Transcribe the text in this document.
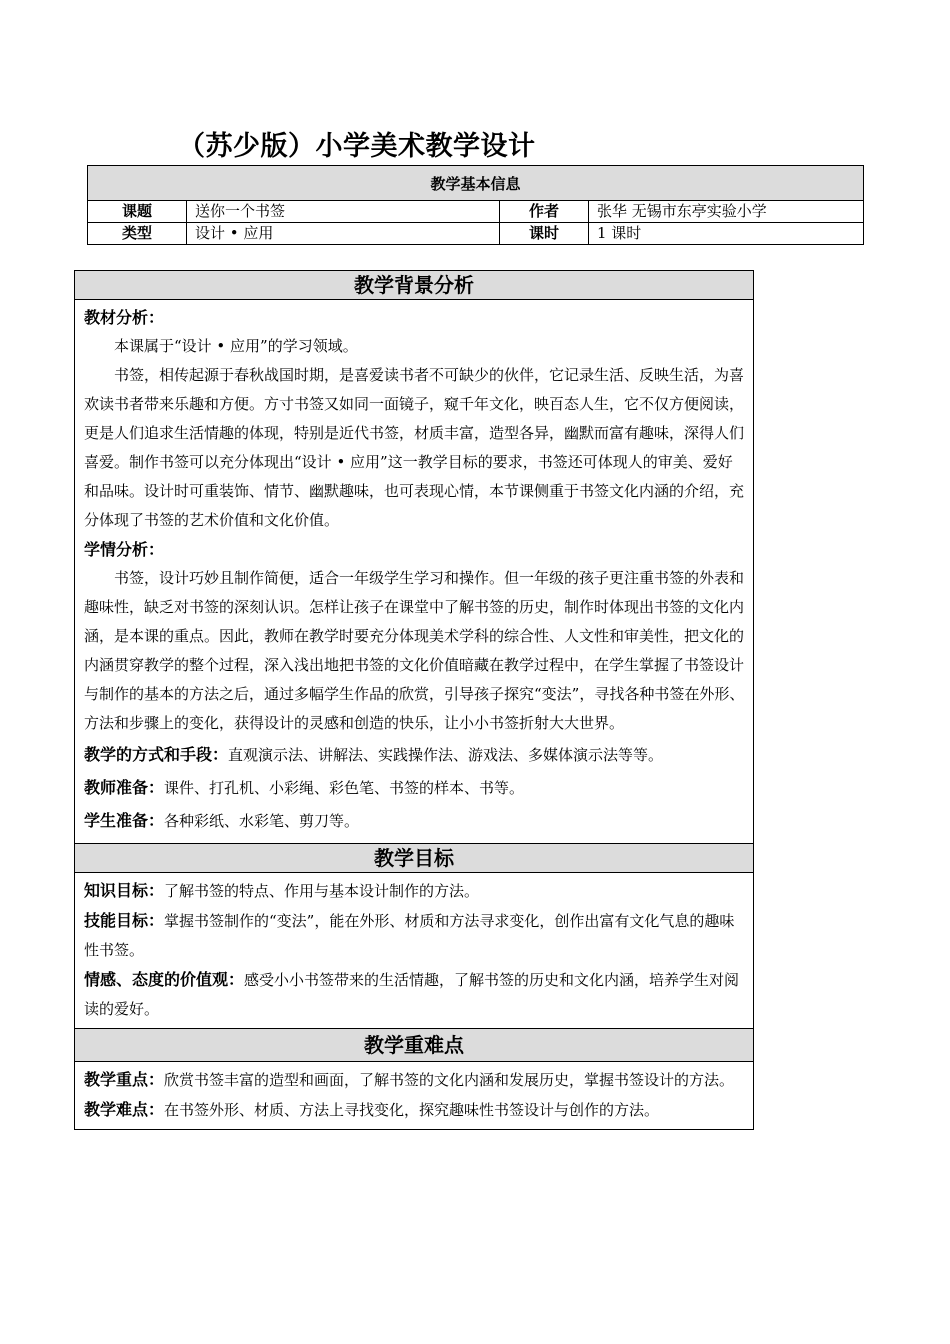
（苏少版）小学美术教学设计
教学基本信息			
课题	送你一个书签	作者	张华 无锡市东亭实验小学
类型	设计 • 应用	课时	1 课时
教学背景分析

教材分析：

本课属于“设计 • 应用”的学习领域。

书签，相传起源于春秋战国时期，是喜爱读书者不可缺少的伙伴，它记录生活、反映生活，为喜欢读书者带来乐趣和方便。方寸书签又如同一面镜子，窥千年文化，映百态人生，它不仅方便阅读，更是人们追求生活情趣的体现，特别是近代书签，材质丰富，造型各异，幽默而富有趣味，深得人们喜爱。制作书签可以充分体现出“设计 • 应用”这一教学目标的要求，书签还可体现人的审美、爱好和品味。设计时可重装饰、情节、幽默趣味，也可表现心情，本节课侧重于书签文化内涵的介绍，充分体现了书签的艺术价值和文化价值。

学情分析：

书签，设计巧妙且制作简便，适合一年级学生学习和操作。但一年级的孩子更注重书签的外表和趣味性，缺乏对书签的深刻认识。怎样让孩子在课堂中了解书签的历史，制作时体现出书签的文化内涵，是本课的重点。因此，教师在教学时要充分体现美术学科的综合性、人文性和审美性，把文化的内涵贯穿教学的整个过程，深入浅出地把书签的文化价值暗藏在教学过程中，在学生掌握了书签设计与制作的基本的方法之后，通过多幅学生作品的欣赏，引导孩子探究“变法”，寻找各种书签在外形、方法和步骤上的变化，获得设计的灵感和创造的快乐，让小小书签折射大大世界。

教学的方式和手段：直观演示法、讲解法、实践操作法、游戏法、多媒体演示法等等。

教师准备：课件、打孔机、小彩绳、彩色笔、书签的样本、书等。

学生准备：各种彩纸、水彩笔、剪刀等。

教学目标

知识目标：了解书签的特点、作用与基本设计制作的方法。

技能目标：掌握书签制作的“变法”，能在外形、材质和方法寻求变化，创作出富有文化气息的趣味性书签。

情感、态度的价值观：感受小小书签带来的生活情趣，了解书签的历史和文化内涵，培养学生对阅读的爱好。

教学重难点

教学重点：欣赏书签丰富的造型和画面，了解书签的文化内涵和发展历史，掌握书签设计的方法。

教学难点：在书签外形、材质、方法上寻找变化，探究趣味性书签设计与创作的方法。
